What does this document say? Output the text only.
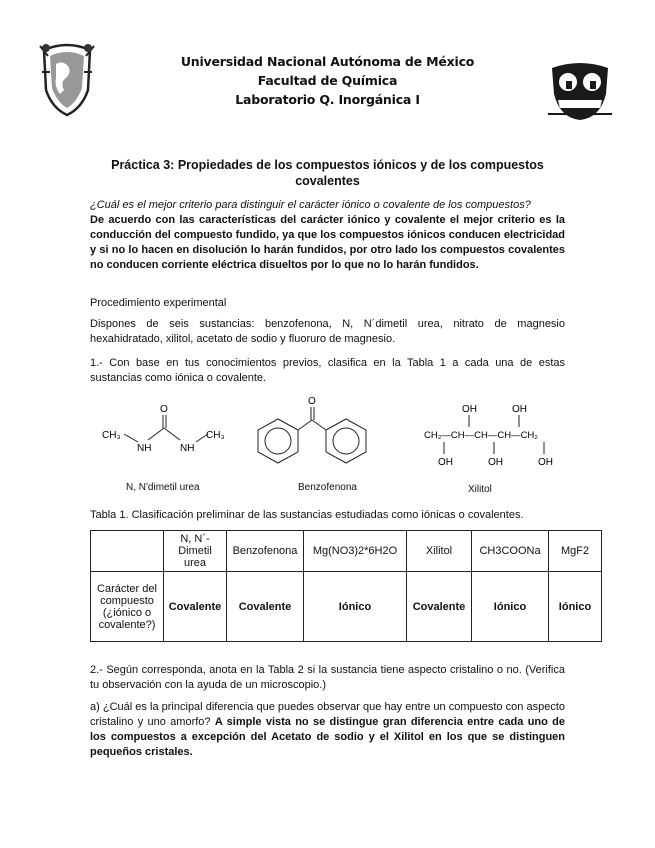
Universidad Nacional Autónoma de México
Facultad de Química
Laboratorio Q. Inorgánica I
Práctica 3: Propiedades de los compuestos iónicos y de los compuestos covalentes
¿Cuál es el mejor criterio para distinguir el carácter iónico o covalente de los compuestos?
De acuerdo con las características del carácter iónico y covalente el mejor criterio es la conducción del compuesto fundido, ya que los compuestos iónicos conducen electricidad y si no lo hacen en disolución lo harán fundidos, por otro lado los compuestos covalentes no conducen corriente eléctrica disueltos por lo que no lo harán fundidos.
Procedimiento experimental
Dispones de seis sustancias: benzofenona, N, N´dimetil urea, nitrato de magnesio hexahidratado, xilitol, acetato de sodio y fluoruro de magnesio.
1.- Con base en tus conocimientos previos, clasifica en la Tabla 1 a cada una de estas sustancias como iónica o covalente.
O
CH₃
NH	NH
CH₃
N, N'dimetil urea
O
Benzofenona
OH	OH
CH₂—CH—CH—CH—CH₂
OH	OH	OH
Xilitol
Tabla 1. Clasificación preliminar de las sustancias estudiadas como iónicas o covalentes.
	N, N´- Dimetil urea	Benzofenona	Mg(NO3)2*6H2O	Xilitol	CH3COONa	MgF2
Carácter del compuesto (¿iónico o covalente?)	Covalente	Covalente	Iónico	Covalente	Iónico	Iónico
2.- Según corresponda, anota en la Tabla 2 si la sustancia tiene aspecto cristalino o no. (Verifica tu observación con la ayuda de un microscopio.)
a) ¿Cuál es la principal diferencia que puedes observar que hay entre un compuesto con aspecto cristalino y uno amorfo? A simple vista no se distingue gran diferencia entre cada uno de los compuestos a excepción del Acetato de sodio y el Xilitol en los que se distinguen pequeños cristales.
